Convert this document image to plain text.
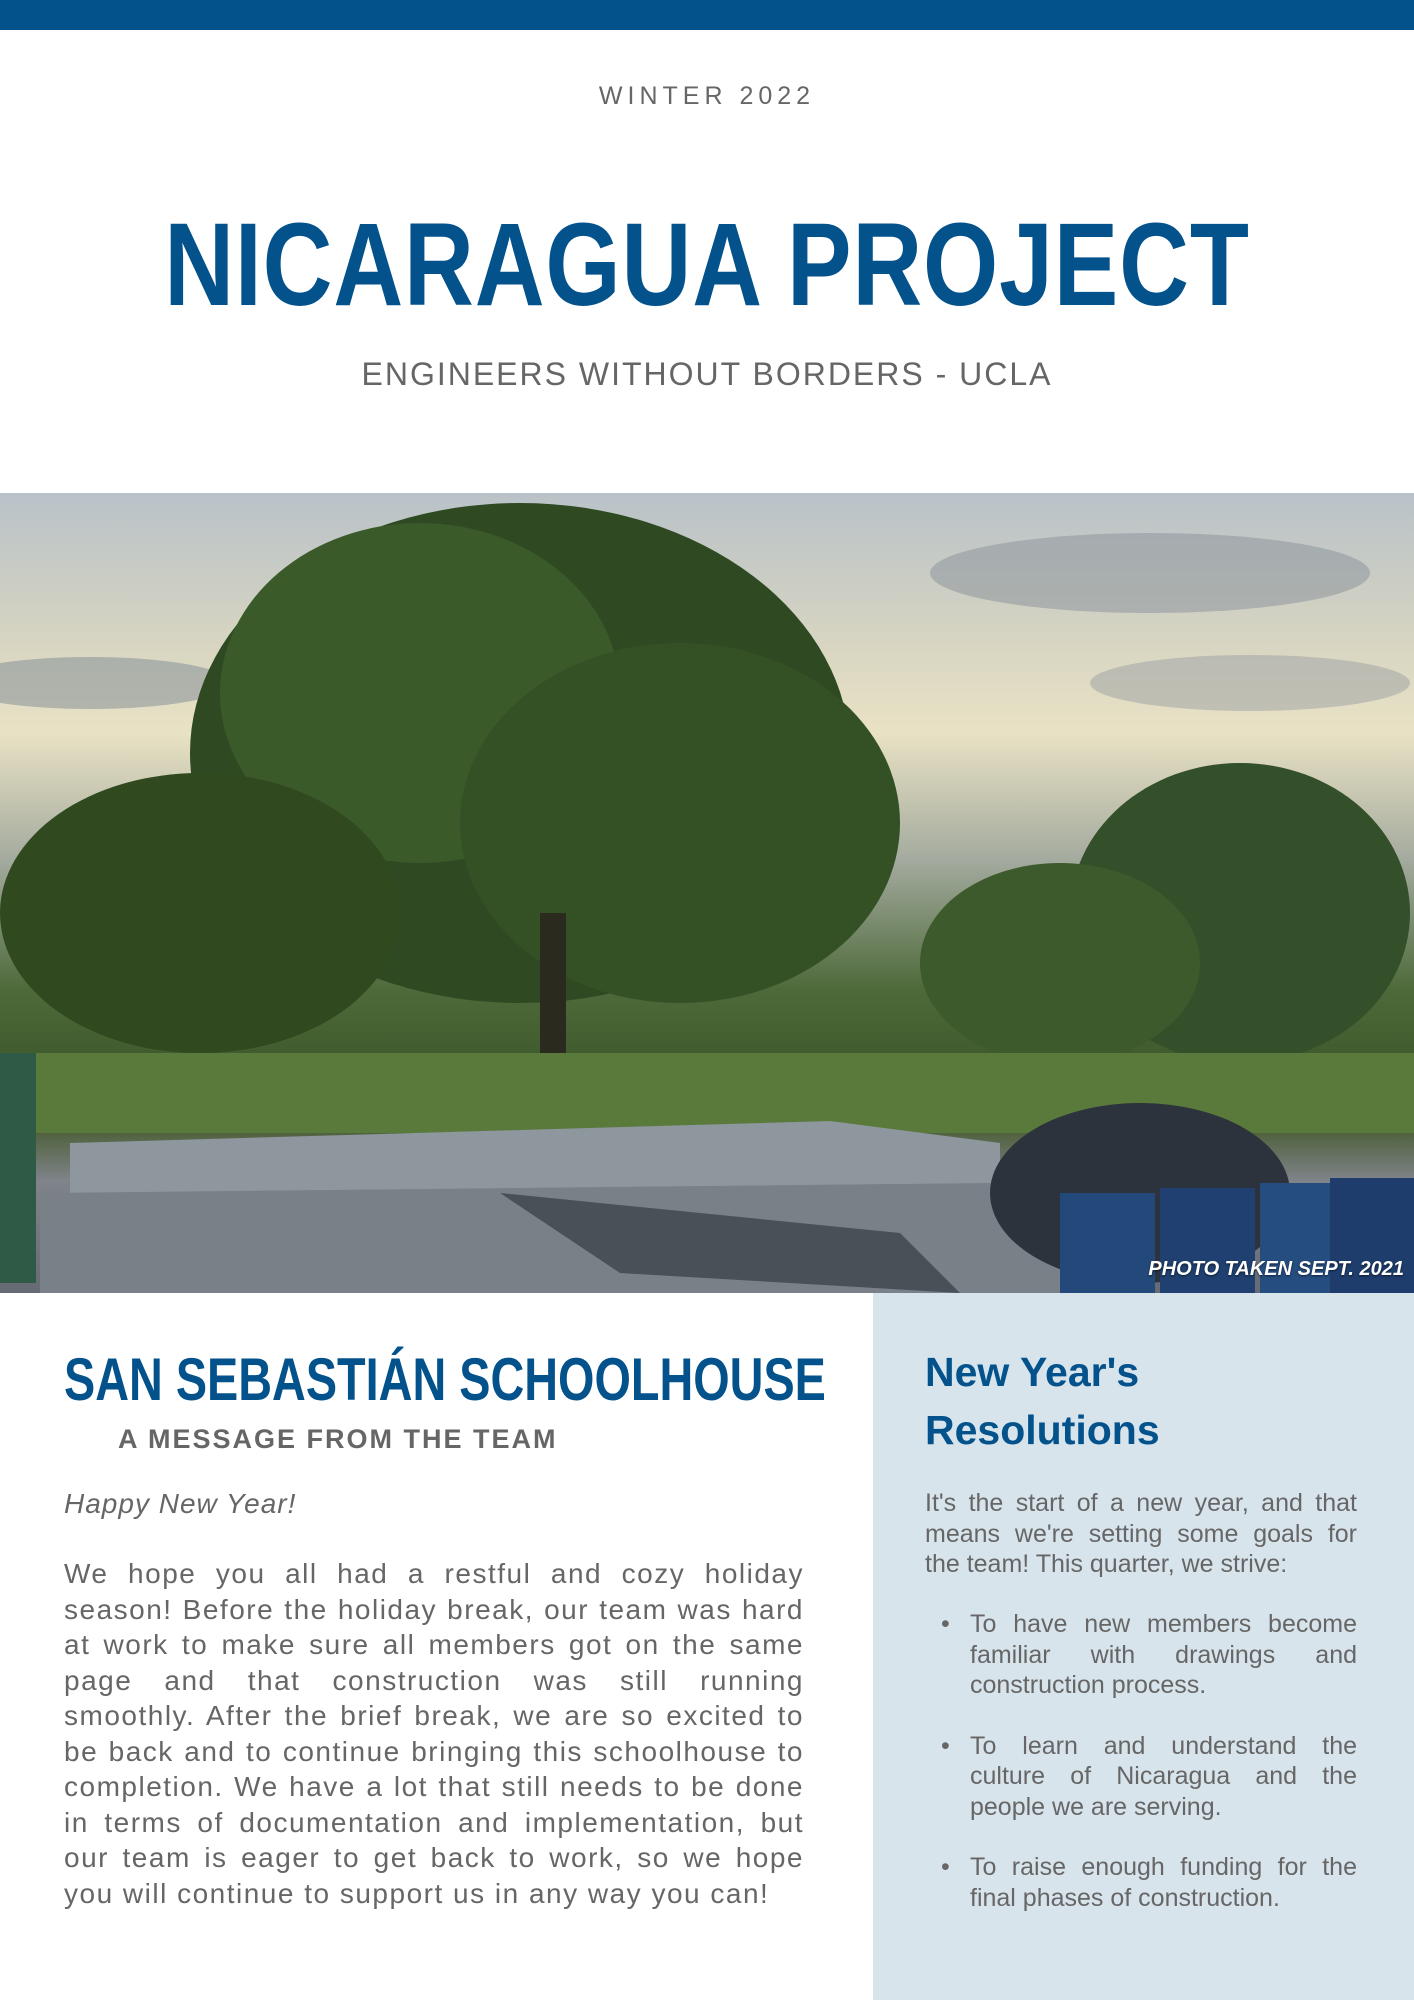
WINTER 2022
NICARAGUA PROJECT
ENGINEERS WITHOUT BORDERS - UCLA
PHOTO TAKEN SEPT. 2021
SAN SEBASTIÁN SCHOOLHOUSE
A MESSAGE FROM THE TEAM
Happy New Year!
We hope you all had a restful and cozy holiday season! Before the holiday break, our team was hard at work to make sure all members got on the same page and that construction was still running smoothly. After the brief break, we are so excited to be back and to continue bringing this schoolhouse to completion. We have a lot that still needs to be done in terms of documentation and implementation, but our team is eager to get back to work, so we hope you will continue to support us in any way you can!
New Year's
Resolutions
It's the start of a new year, and that means we're setting some goals for the team! This quarter, we strive:
• To have new members become familiar with drawings and construction process.
• To learn and understand the culture of Nicaragua and the people we are serving.
• To raise enough funding for the final phases of construction.
